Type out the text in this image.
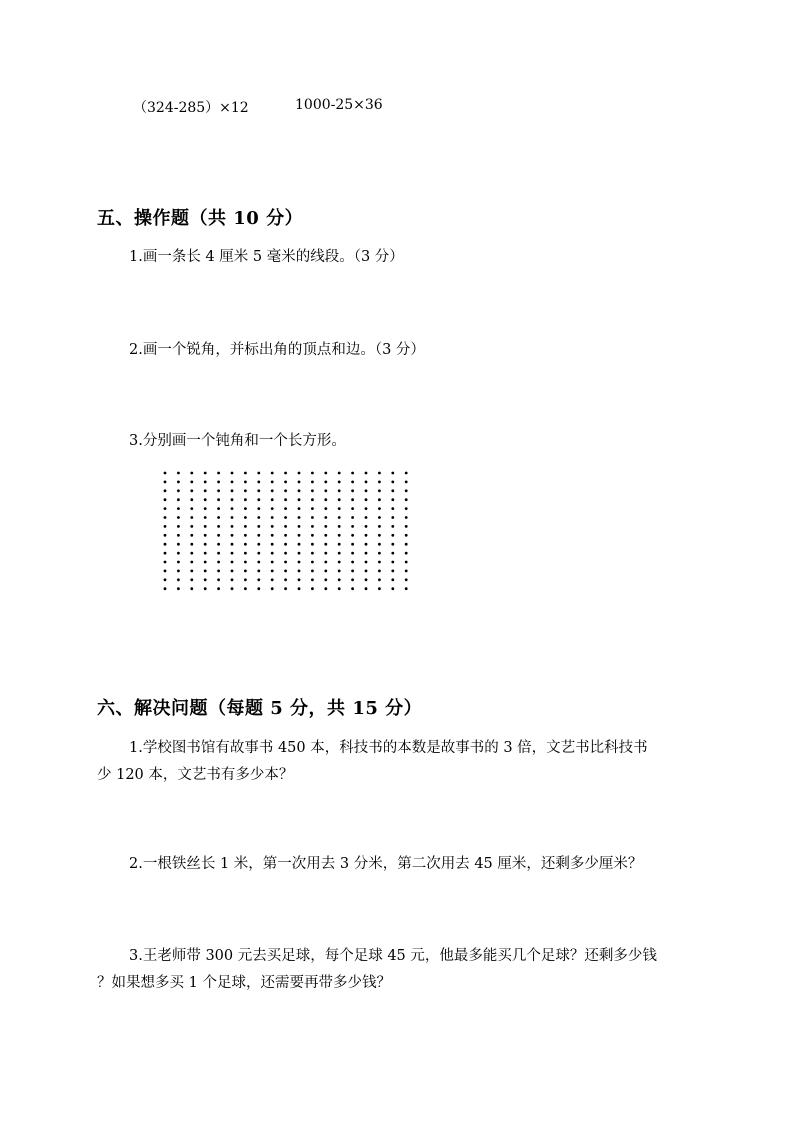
（324-285）×12	1000-25×36
五、操作题（共 10 分）
1.画一条长 4 厘米 5 毫米的线段。（3 分）
2.画一个锐角，并标出角的顶点和边。（3 分）
3.分别画一个钝角和一个长方形。
六、解决问题（每题 5 分，共 15 分）
1.学校图书馆有故事书 450 本，科技书的本数是故事书的 3 倍，文艺书比科技书
少 120 本，文艺书有多少本？
2.一根铁丝长 1 米，第一次用去 3 分米，第二次用去 45 厘米，还剩多少厘米？
3.王老师带 300 元去买足球，每个足球 45 元，他最多能买几个足球？还剩多少钱
？如果想多买 1 个足球，还需要再带多少钱？
